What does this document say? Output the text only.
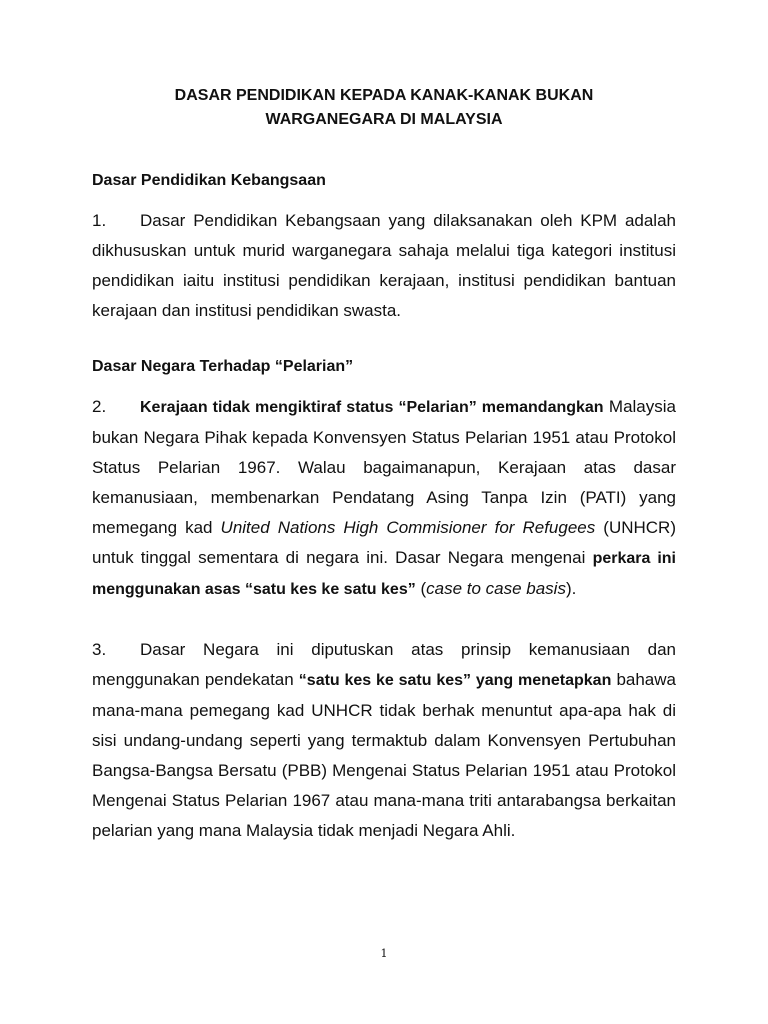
DASAR PENDIDIKAN KEPADA KANAK-KANAK BUKAN
WARGANEGARA DI MALAYSIA
Dasar Pendidikan Kebangsaan

1. Dasar Pendidikan Kebangsaan yang dilaksanakan oleh KPM adalah dikhususkan untuk murid warganegara sahaja melalui tiga kategori institusi pendidikan iaitu institusi pendidikan kerajaan, institusi pendidikan bantuan kerajaan dan institusi pendidikan swasta.

Dasar Negara Terhadap “Pelarian”

2. Kerajaan tidak mengiktiraf status “Pelarian” memandangkan Malaysia bukan Negara Pihak kepada Konvensyen Status Pelarian 1951 atau Protokol Status Pelarian 1967. Walau bagaimanapun, Kerajaan atas dasar kemanusiaan, membenarkan Pendatang Asing Tanpa Izin (PATI) yang memegang kad United Nations High Commisioner for Refugees (UNHCR) untuk tinggal sementara di negara ini. Dasar Negara mengenai perkara ini menggunakan asas “satu kes ke satu kes” (case to case basis).

3. Dasar Negara ini diputuskan atas prinsip kemanusiaan dan menggunakan pendekatan “satu kes ke satu kes” yang menetapkan bahawa mana-mana pemegang kad UNHCR tidak berhak menuntut apa-apa hak di sisi undang-undang seperti yang termaktub dalam Konvensyen Pertubuhan Bangsa-Bangsa Bersatu (PBB) Mengenai Status Pelarian 1951 atau Protokol Mengenai Status Pelarian 1967 atau mana-mana triti antarabangsa berkaitan pelarian yang mana Malaysia tidak menjadi Negara Ahli.

1
